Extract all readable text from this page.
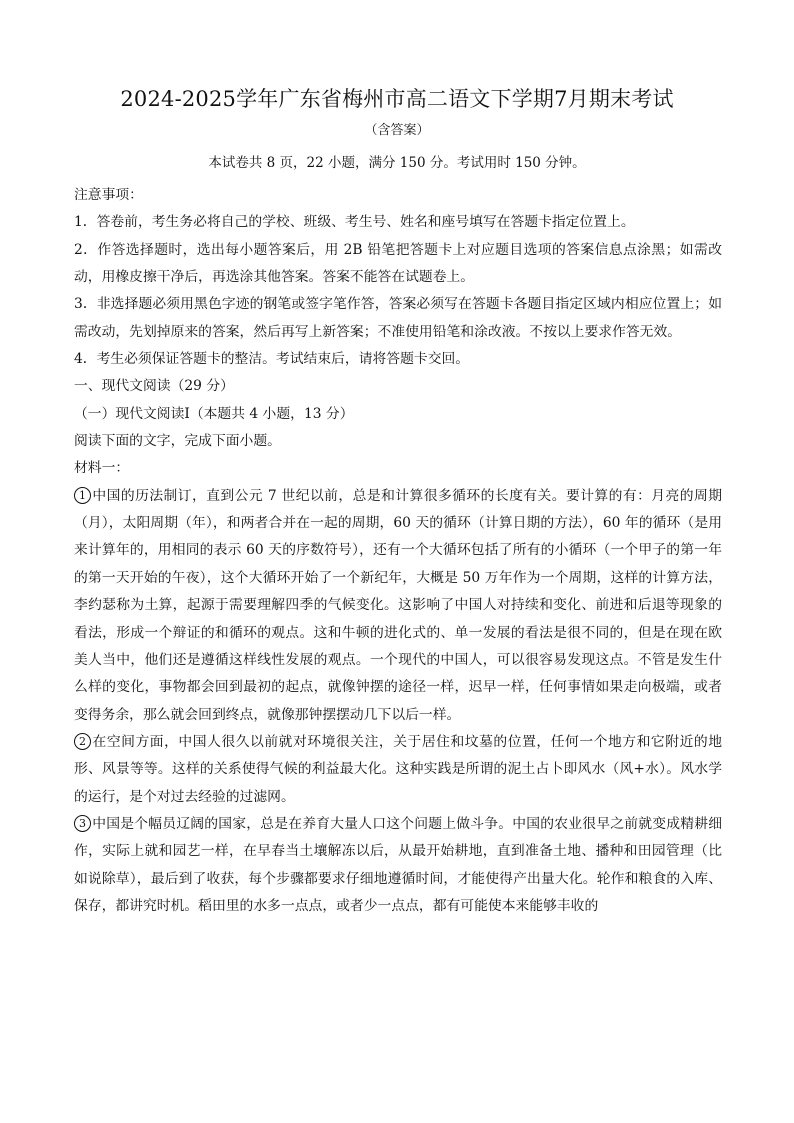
2024-2025学年广东省梅州市高二语文下学期7月期末考试
（含答案）
本试卷共 8 页，22 小题，满分 150 分。考试用时 150 分钟。

注意事项：

1．答卷前，考生务必将自己的学校、班级、考生号、姓名和座号填写在答题卡指定位置上。

2．作答选择题时，选出每小题答案后，用 2B 铅笔把答题卡上对应题目选项的答案信息点涂黑；如需改动，用橡皮擦干净后，再选涂其他答案。答案不能答在试题卷上。

3．非选择题必须用黑色字迹的钢笔或签字笔作答，答案必须写在答题卡各题目指定区域内相应位置上；如需改动，先划掉原来的答案，然后再写上新答案；不准使用铅笔和涂改液。不按以上要求作答无效。

4．考生必须保证答题卡的整洁。考试结束后，请将答题卡交回。

一、现代文阅读（29 分）

（一）现代文阅读Ⅰ（本题共 4 小题，13 分）

阅读下面的文字，完成下面小题。

材料一：

1 中国的历法制订，直到公元 7 世纪以前，总是和计算很多循环的长度有关。要计算的有：月亮的周期（月），太阳周期（年），和两者合并在一起的周期，60 天的循环（计算日期的方法），60 年的循环（是用来计算年的，用相同的表示 60 天的序数符号），还有一个大循环包括了所有的小循环（一个甲子的第一年的第一天开始的午夜），这个大循环开始了一个新纪年，大概是 50 万年作为一个周期，这样的计算方法，李约瑟称为土算，起源于需要理解四季的气候变化。这影响了中国人对持续和变化、前进和后退等现象的看法，形成一个辩证的和循环的观点。这和牛顿的进化式的、单一发展的看法是很不同的，但是在现在欧美人当中，他们还是遵循这样线性发展的观点。一个现代的中国人，可以很容易发现这点。不管是发生什么样的变化，事物都会回到最初的起点，就像钟摆的途径一样，迟早一样，任何事情如果走向极端，或者变得务余，那么就会回到终点，就像那钟摆摆动几下以后一样。

2 在空间方面，中国人很久以前就对环境很关注，关于居住和坟墓的位置，任何一个地方和它附近的地形、风景等等。这样的关系使得气候的利益最大化。这种实践是所谓的泥土占卜即风水（风+水）。风水学的运行，是个对过去经验的过滤网。

3 中国是个幅员辽阔的国家，总是在养育大量人口这个问题上做斗争。中国的农业很早之前就变成精耕细作，实际上就和园艺一样，在早春当土壤解冻以后，从最开始耕地，直到准备土地、播种和田园管理（比如说除草），最后到了收获，每个步骤都要求仔细地遵循时间，才能使得产出量大化。轮作和粮食的入库、保存，都讲究时机。稻田里的水多一点点，或者少一点点，都有可能使本来能够丰收的
